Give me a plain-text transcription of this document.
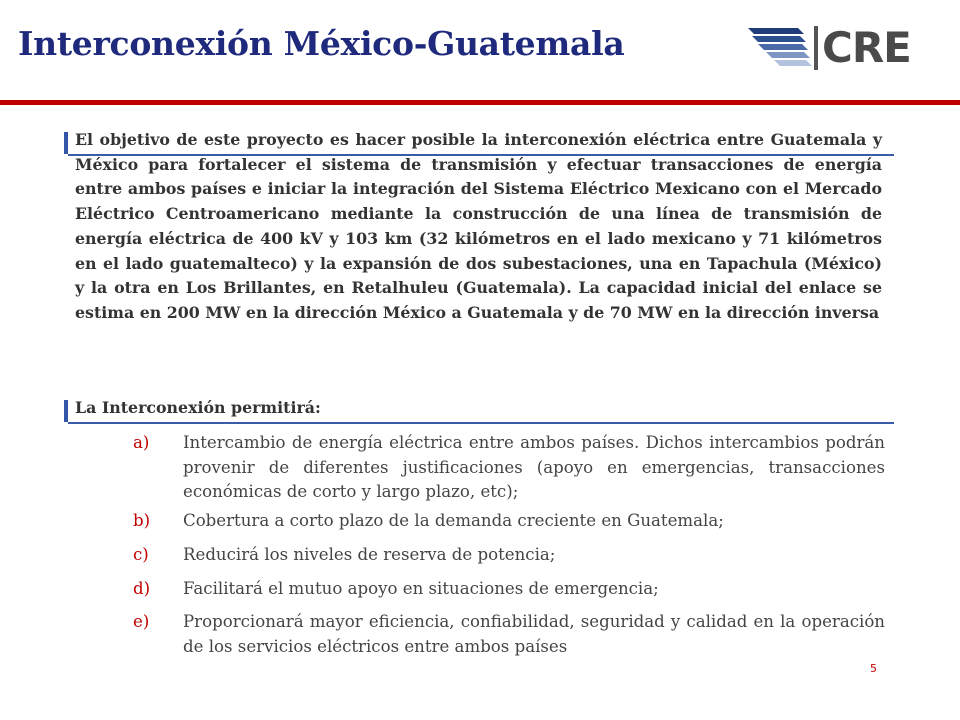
Interconexión México-Guatemala	CRE

El objetivo de este proyecto es hacer posible la interconexión eléctrica entre Guatemala y México para fortalecer el sistema de transmisión y efectuar transacciones de energía entre ambos países e iniciar la integración del Sistema Eléctrico Mexicano con el Mercado Eléctrico Centroamericano mediante la construcción de una línea de transmisión de energía eléctrica de 400 kV y 103 km (32 kilómetros en el lado mexicano y 71 kilómetros en el lado guatemalteco) y la expansión de dos subestaciones, una en Tapachula (México) y la otra en Los Brillantes, en Retalhuleu (Guatemala). La capacidad inicial del enlace se estima en 200 MW en la dirección México a Guatemala y de 70 MW en la dirección inversa

La Interconexión permitirá:
a) Intercambio de energía eléctrica entre ambos países. Dichos intercambios podrán provenir de diferentes justificaciones (apoyo en emergencias, transacciones económicas de corto y largo plazo, etc);
b) Cobertura a corto plazo de la demanda creciente en Guatemala;
c) Reducirá los niveles de reserva de potencia;
d) Facilitará el mutuo apoyo en situaciones de emergencia;
e) Proporcionará mayor eficiencia, confiabilidad, seguridad y calidad en la operación de los servicios eléctricos entre ambos países
5
